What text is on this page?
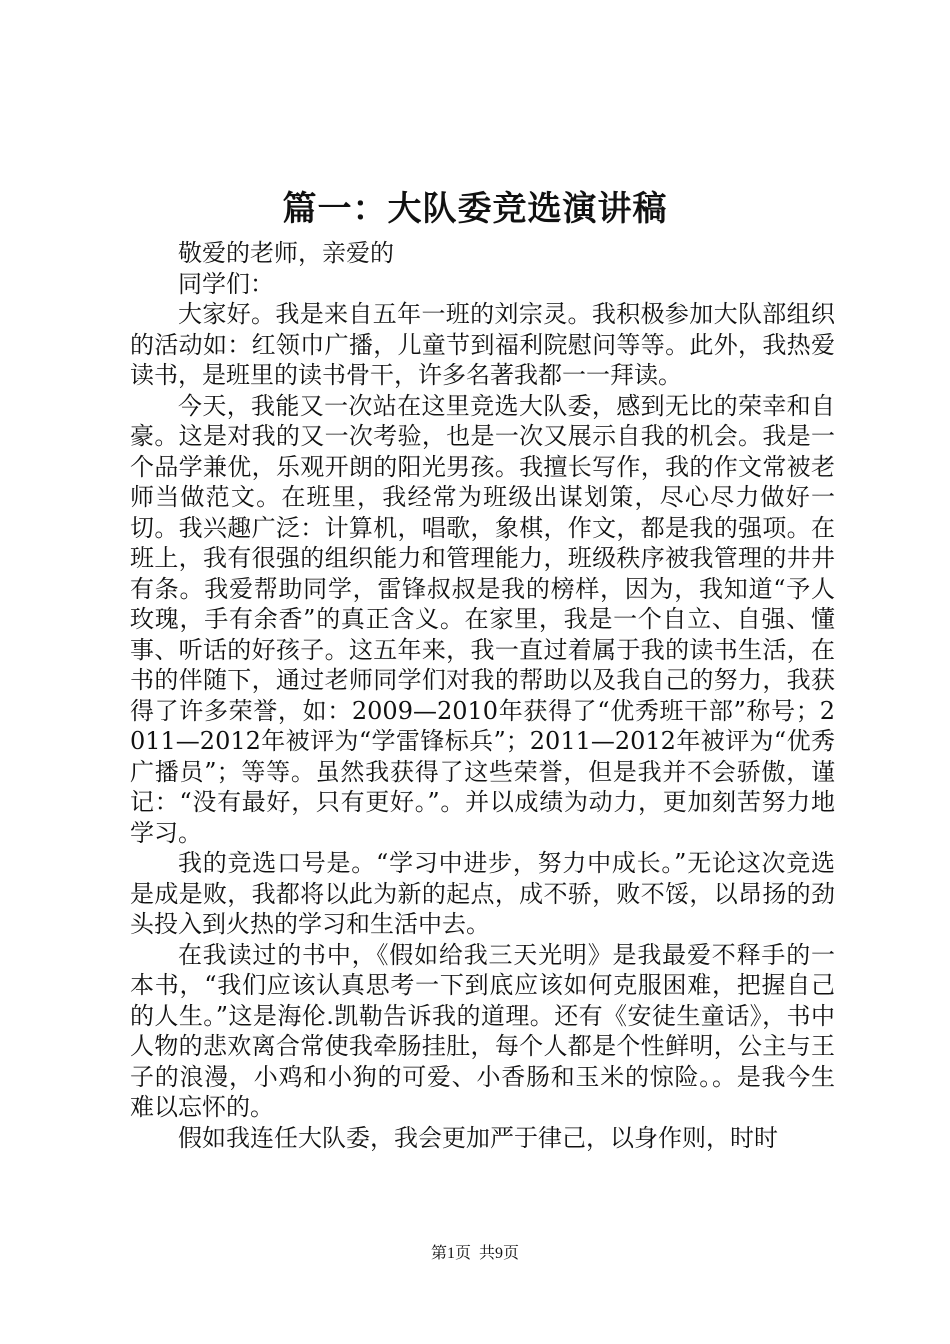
篇一：大队委竞选演讲稿

敬爱的老师，亲爱的

同学们：

大家好。我是来自五年一班的刘宗灵。我积极参加大队部组织的活动如：红领巾广播，儿童节到福利院慰问等等。此外，我热爱读书，是班里的读书骨干，许多名著我都一一拜读。

今天，我能又一次站在这里竞选大队委，感到无比的荣幸和自豪。这是对我的又一次考验，也是一次又展示自我的机会。我是一个品学兼优，乐观开朗的阳光男孩。我擅长写作，我的作文常被老师当做范文。在班里，我经常为班级出谋划策，尽心尽力做好一切。我兴趣广泛：计算机，唱歌，象棋，作文，都是我的强项。在班上，我有很强的组织能力和管理能力，班级秩序被我管理的井井有条。我爱帮助同学，雷锋叔叔是我的榜样，因为，我知道“予人玫瑰，手有余香”的真正含义。在家里，我是一个自立、自强、懂事、听话的好孩子。这五年来，我一直过着属于我的读书生活，在书的伴随下，通过老师同学们对我的帮助以及我自己的努力，我获得了许多荣誉，如：2009—2010年获得了“优秀班干部”称号；2011—2012年被评为“学雷锋标兵”；2011—2012年被评为“优秀广播员”；等等。虽然我获得了这些荣誉，但是我并不会骄傲，谨记：“没有最好，只有更好。”。并以成绩为动力，更加刻苦努力地学习。

我的竞选口号是。“学习中进步，努力中成长。”无论这次竞选是成是败，我都将以此为新的起点，成不骄，败不馁，以昂扬的劲头投入到火热的学习和生活中去。

在我读过的书中，《假如给我三天光明》是我最爱不释手的一本书，“我们应该认真思考一下到底应该如何克服困难，把握自己的人生。”这是海伦.凯勒告诉我的道理。还有《安徒生童话》，书中人物的悲欢离合常使我牵肠挂肚，每个人都是个性鲜明，公主与王子的浪漫，小鸡和小狗的可爱、小香肠和玉米的惊险。。是我今生难以忘怀的。

假如我连任大队委，我会更加严于律己，以身作则，时时

第1页 共9页
